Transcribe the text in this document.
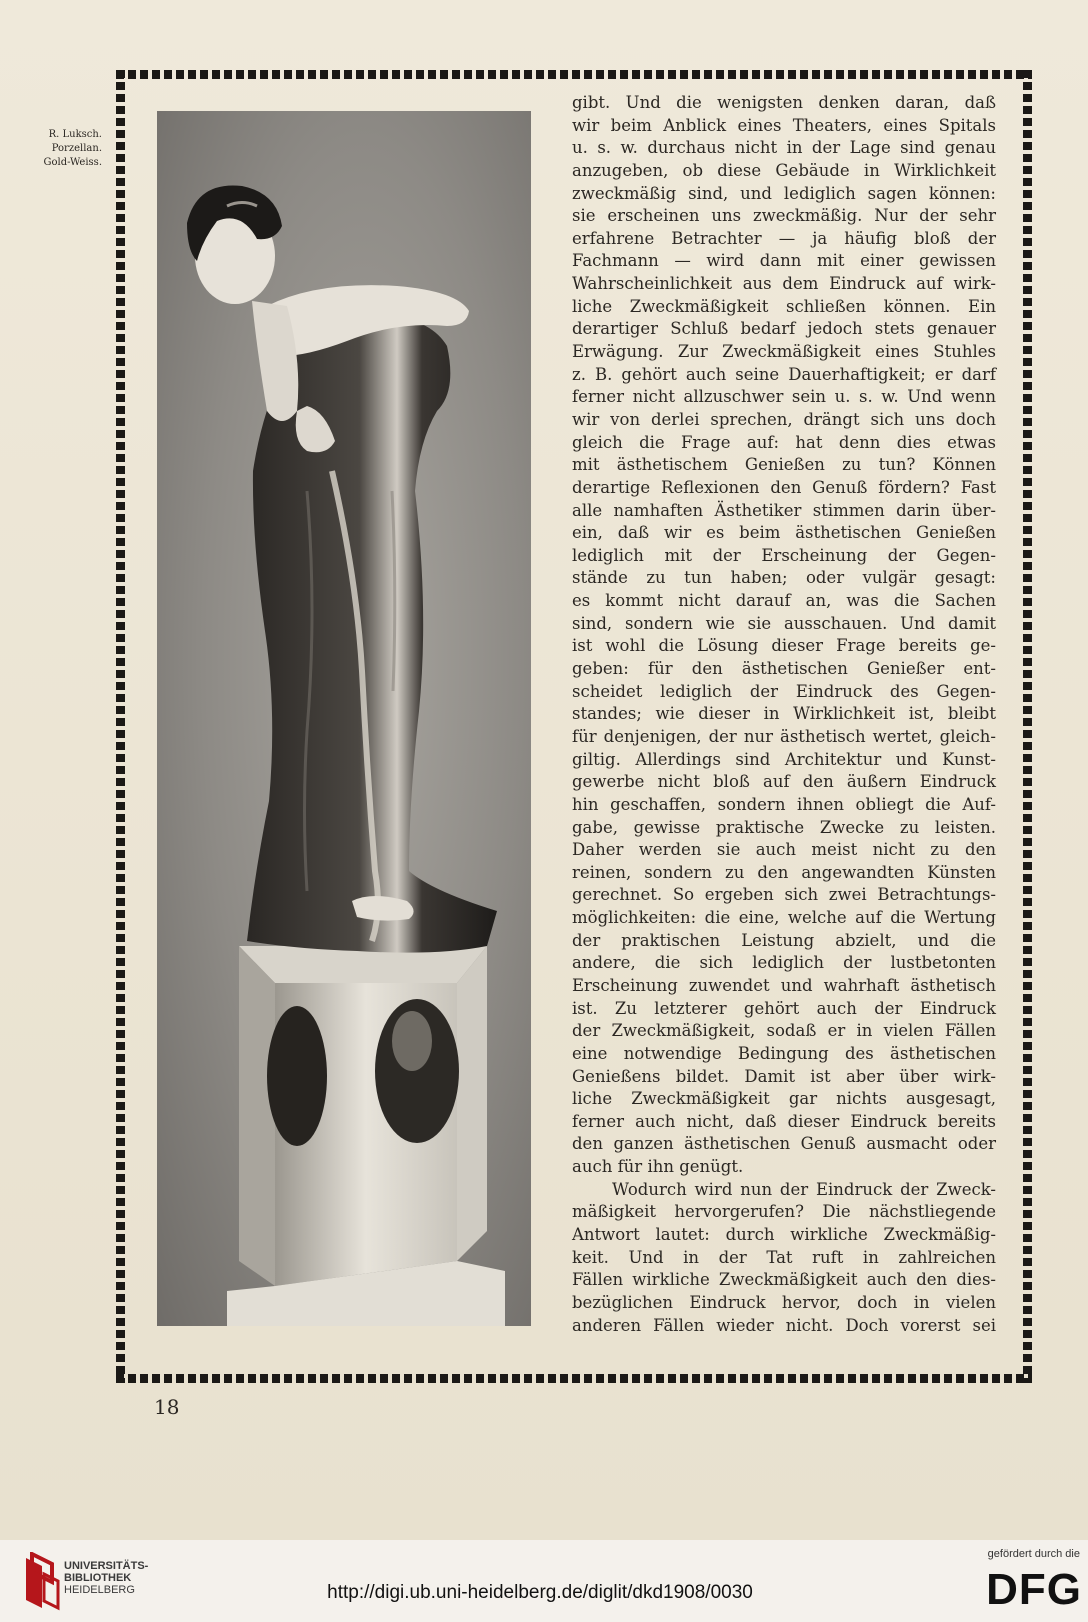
R. Luksch.
Porzellan.
Gold-Weiss.
gibt. Und die wenigsten denken daran, daß
wir beim Anblick eines Theaters, eines Spitals
u. s. w. durchaus nicht in der Lage sind genau
anzugeben, ob diese Gebäude in Wirklichkeit
zweckmäßig sind, und lediglich sagen können:
sie erscheinen uns zweckmäßig. Nur der sehr
erfahrene Betrachter — ja häufig bloß der
Fachmann — wird dann mit einer gewissen
Wahrscheinlichkeit aus dem Eindruck auf wirk-
liche Zweckmäßigkeit schließen können. Ein
derartiger Schluß bedarf jedoch stets genauer
Erwägung. Zur Zweckmäßigkeit eines Stuhles
z. B. gehört auch seine Dauerhaftigkeit; er darf
ferner nicht allzuschwer sein u. s. w. Und wenn
wir von derlei sprechen, drängt sich uns doch
gleich die Frage auf: hat denn dies etwas
mit ästhetischem Genießen zu tun? Können
derartige Reflexionen den Genuß fördern? Fast
alle namhaften Ästhetiker stimmen darin über-
ein, daß wir es beim ästhetischen Genießen
lediglich mit der Erscheinung der Gegen-
stände zu tun haben; oder vulgär gesagt:
es kommt nicht darauf an, was die Sachen
sind, sondern wie sie ausschauen. Und damit
ist wohl die Lösung dieser Frage bereits ge-
geben: für den ästhetischen Genießer ent-
scheidet lediglich der Eindruck des Gegen-
standes; wie dieser in Wirklichkeit ist, bleibt
für denjenigen, der nur ästhetisch wertet, gleich-
giltig. Allerdings sind Architektur und Kunst-
gewerbe nicht bloß auf den äußern Eindruck
hin geschaffen, sondern ihnen obliegt die Auf-
gabe, gewisse praktische Zwecke zu leisten.
Daher werden sie auch meist nicht zu den
reinen, sondern zu den angewandten Künsten
gerechnet. So ergeben sich zwei Betrachtungs-
möglichkeiten: die eine, welche auf die Wertung
der praktischen Leistung abzielt, und die
andere, die sich lediglich der lustbetonten
Erscheinung zuwendet und wahrhaft ästhetisch
ist. Zu letzterer gehört auch der Eindruck
der Zweckmäßigkeit, sodaß er in vielen Fällen
eine notwendige Bedingung des ästhetischen
Genießens bildet. Damit ist aber über wirk-
liche Zweckmäßigkeit gar nichts ausgesagt,
ferner auch nicht, daß dieser Eindruck bereits
den ganzen ästhetischen Genuß ausmacht oder
auch für ihn genügt.
Wodurch wird nun der Eindruck der Zweck-
mäßigkeit hervorgerufen? Die nächstliegende
Antwort lautet: durch wirkliche Zweckmäßig-
keit. Und in der Tat ruft in zahlreichen
Fällen wirkliche Zweckmäßigkeit auch den dies-
bezüglichen Eindruck hervor, doch in vielen
anderen Fällen wieder nicht. Doch vorerst sei
18
UNIVERSITÄTS-
BIBLIOTHEK
HEIDELBERG	http://digi.ub.uni-heidelberg.de/diglit/dkd1908/0030
gefördert durch die
DFG
